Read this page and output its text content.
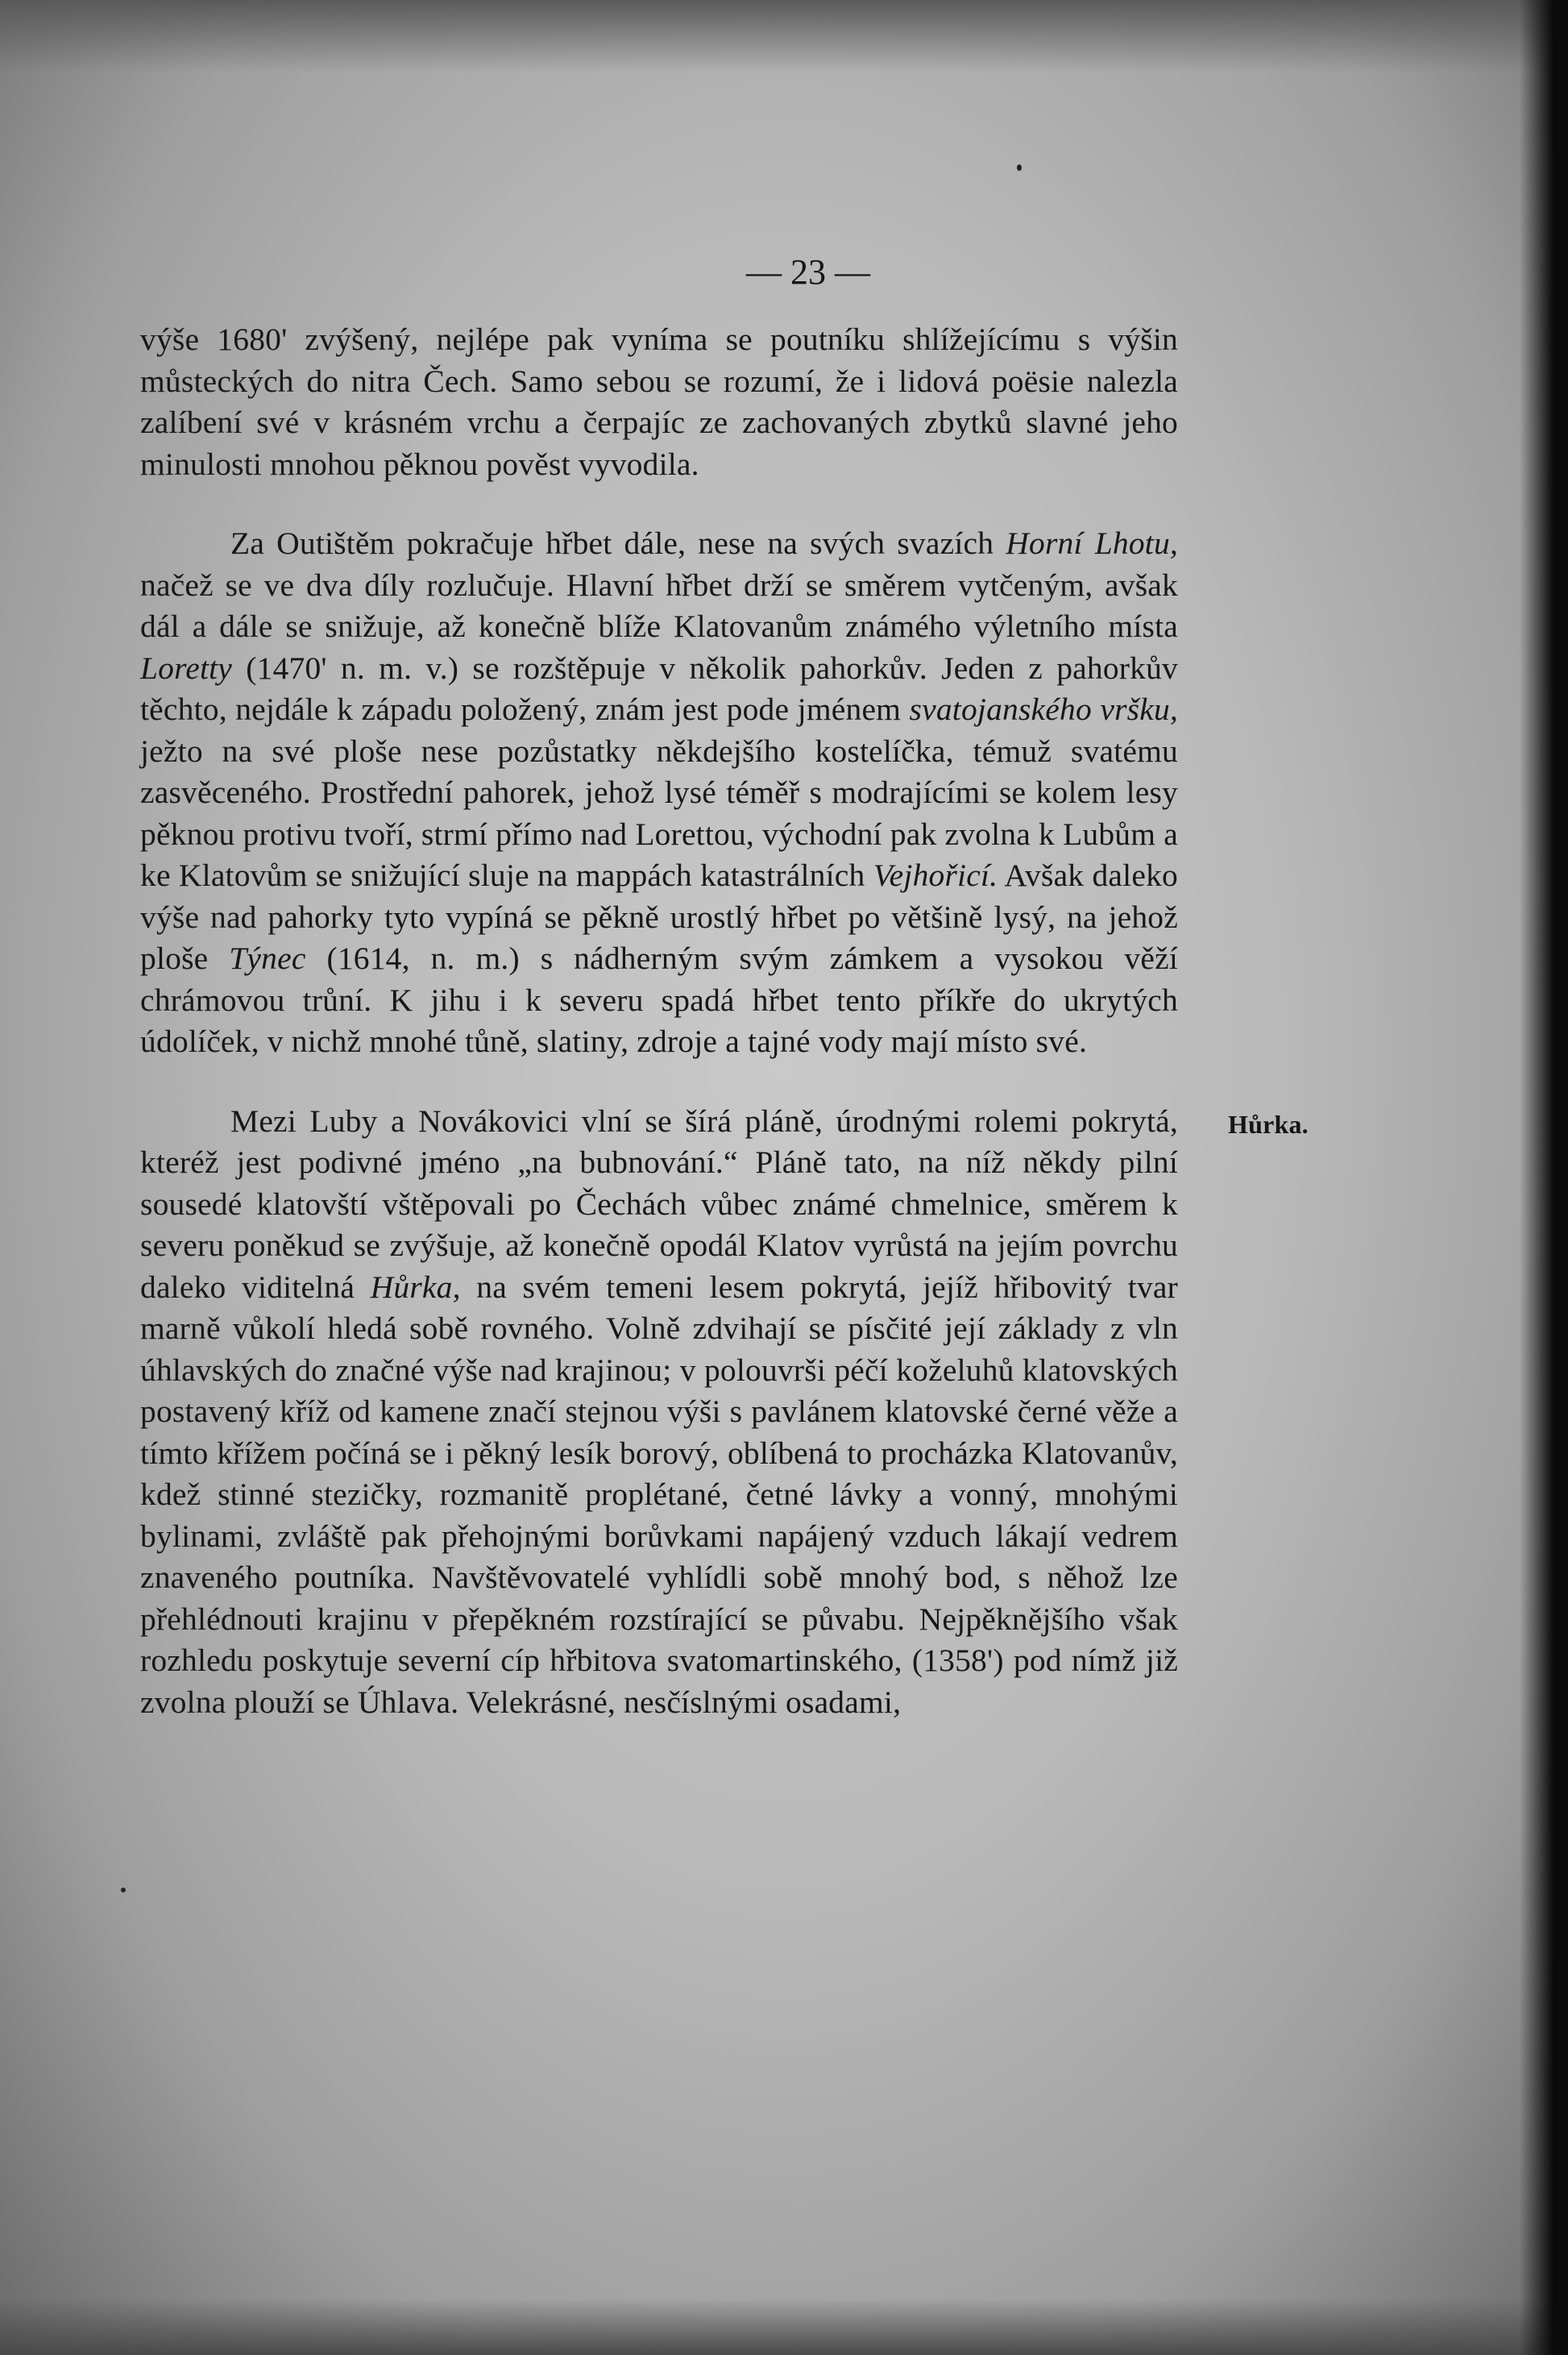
— 23 —

výše 1680' zvýšený, nejlépe pak vyníma se poutníku shlížejícímu s výšin můsteckých do nitra Čech. Samo sebou se rozumí, že i lidová poësie nalezla zalíbení své v krásném vrchu a čerpajíc ze zachovaných zbytků slavné jeho minulosti mnohou pěknou pověst vyvodila.

Za Outištěm pokračuje hřbet dále, nese na svých svazích Horní Lhotu, načež se ve dva díly rozlučuje. Hlavní hřbet drží se směrem vytčeným, avšak dál a dále se snižuje, až konečně blíže Klatovanům známého výletního místa Loretty (1470' n. m. v.) se rozštěpuje v několik pahorkův. Jeden z pahorkův těchto, nejdále k západu položený, znám jest pode jménem svatojanského vršku, ježto na své ploše nese pozůstatky někdejšího kostelíčka, témuž svatému zasvěceného. Prostřední pahorek, jehož lysé téměř s modrajícími se kolem lesy pěknou protivu tvoří, strmí přímo nad Lorettou, východní pak zvolna k Lubům a ke Klatovům se snižující sluje na mappách katastrálních Vejhořicí. Avšak daleko výše nad pahorky tyto vypíná se pěkně urostlý hřbet po většině lysý, na jehož ploše Týnec (1614, n. m.) s nádherným svým zámkem a vysokou věží chrámovou trůní. K jihu i k severu spadá hřbet tento příkře do ukrytých údolíček, v nichž mnohé tůně, slatiny, zdroje a tajné vody mají místo své.

Hůrka.

Mezi Luby a Novákovici vlní se šírá pláně, úrodnými rolemi pokrytá, kteréž jest podivné jméno „na bubnování.“ Pláně tato, na níž někdy pilní sousedé klatovští vštěpovali po Čechách vůbec známé chmelnice, směrem k severu poněkud se zvýšuje, až konečně opodál Klatov vyrůstá na jejím povrchu daleko viditelná Hůrka, na svém temeni lesem pokrytá, jejíž hřibovitý tvar marně vůkolí hledá sobě rovného. Volně zdvihají se písčité její základy z vln úhlavských do značné výše nad krajinou; v polouvrši péčí koželuhů klatovských postavený kříž od kamene značí stejnou výši s pavlánem klatovské černé věže a tímto křížem počíná se i pěkný lesík borový, oblíbená to procházka Klatovanův, kdež stinné stezičky, rozmanitě proplétané, četné lávky a vonný, mnohými bylinami, zvláště pak přehojnými borůvkami napájený vzduch lákají vedrem znaveného poutníka. Navštěvovatelé vyhlídli sobě mnohý bod, s něhož lze přehlédnouti krajinu v přepěkném rozstírající se půvabu. Nejpěknějšího však rozhledu poskytuje severní cíp hřbitova svatomartinského, (1358') pod nímž již zvolna plouží se Úhlava. Velekrásné, nesčíslnými osadami,
